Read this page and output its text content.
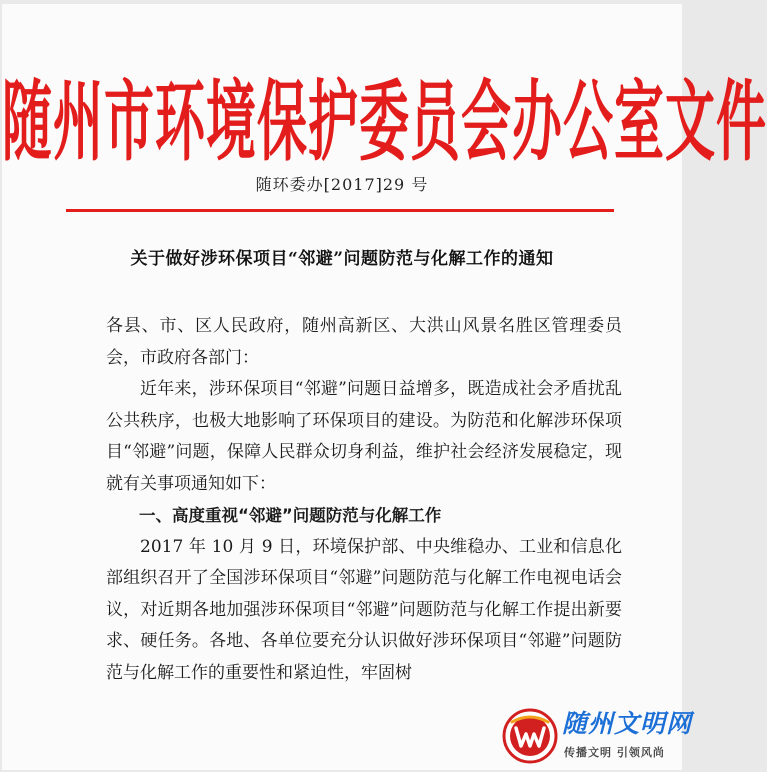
随州市环境保护委员会办公室文件
随环委办[2017]29 号
关于做好涉环保项目“邻避”问题防范与化解工作的通知

各县、市、区人民政府，随州高新区、大洪山风景名胜区管理委员会，市政府各部门：

近年来，涉环保项目“邻避”问题日益增多，既造成社会矛盾扰乱公共秩序，也极大地影响了环保项目的建设。为防范和化解涉环保项目“邻避”问题，保障人民群众切身利益，维护社会经济发展稳定，现就有关事项通知如下：

一、高度重视“邻避”问题防范与化解工作

2017 年 10 月 9 日，环境保护部、中央维稳办、工业和信息化部组织召开了全国涉环保项目“邻避”问题防范与化解工作电视电话会议，对近期各地加强涉环保项目“邻避”问题防范与化解工作提出新要求、硬任务。各地、各单位要充分认识做好涉环保项目“邻避”问题防范与化解工作的重要性和紧迫性，牢固树

随州文明网
传播文明 引领风尚
